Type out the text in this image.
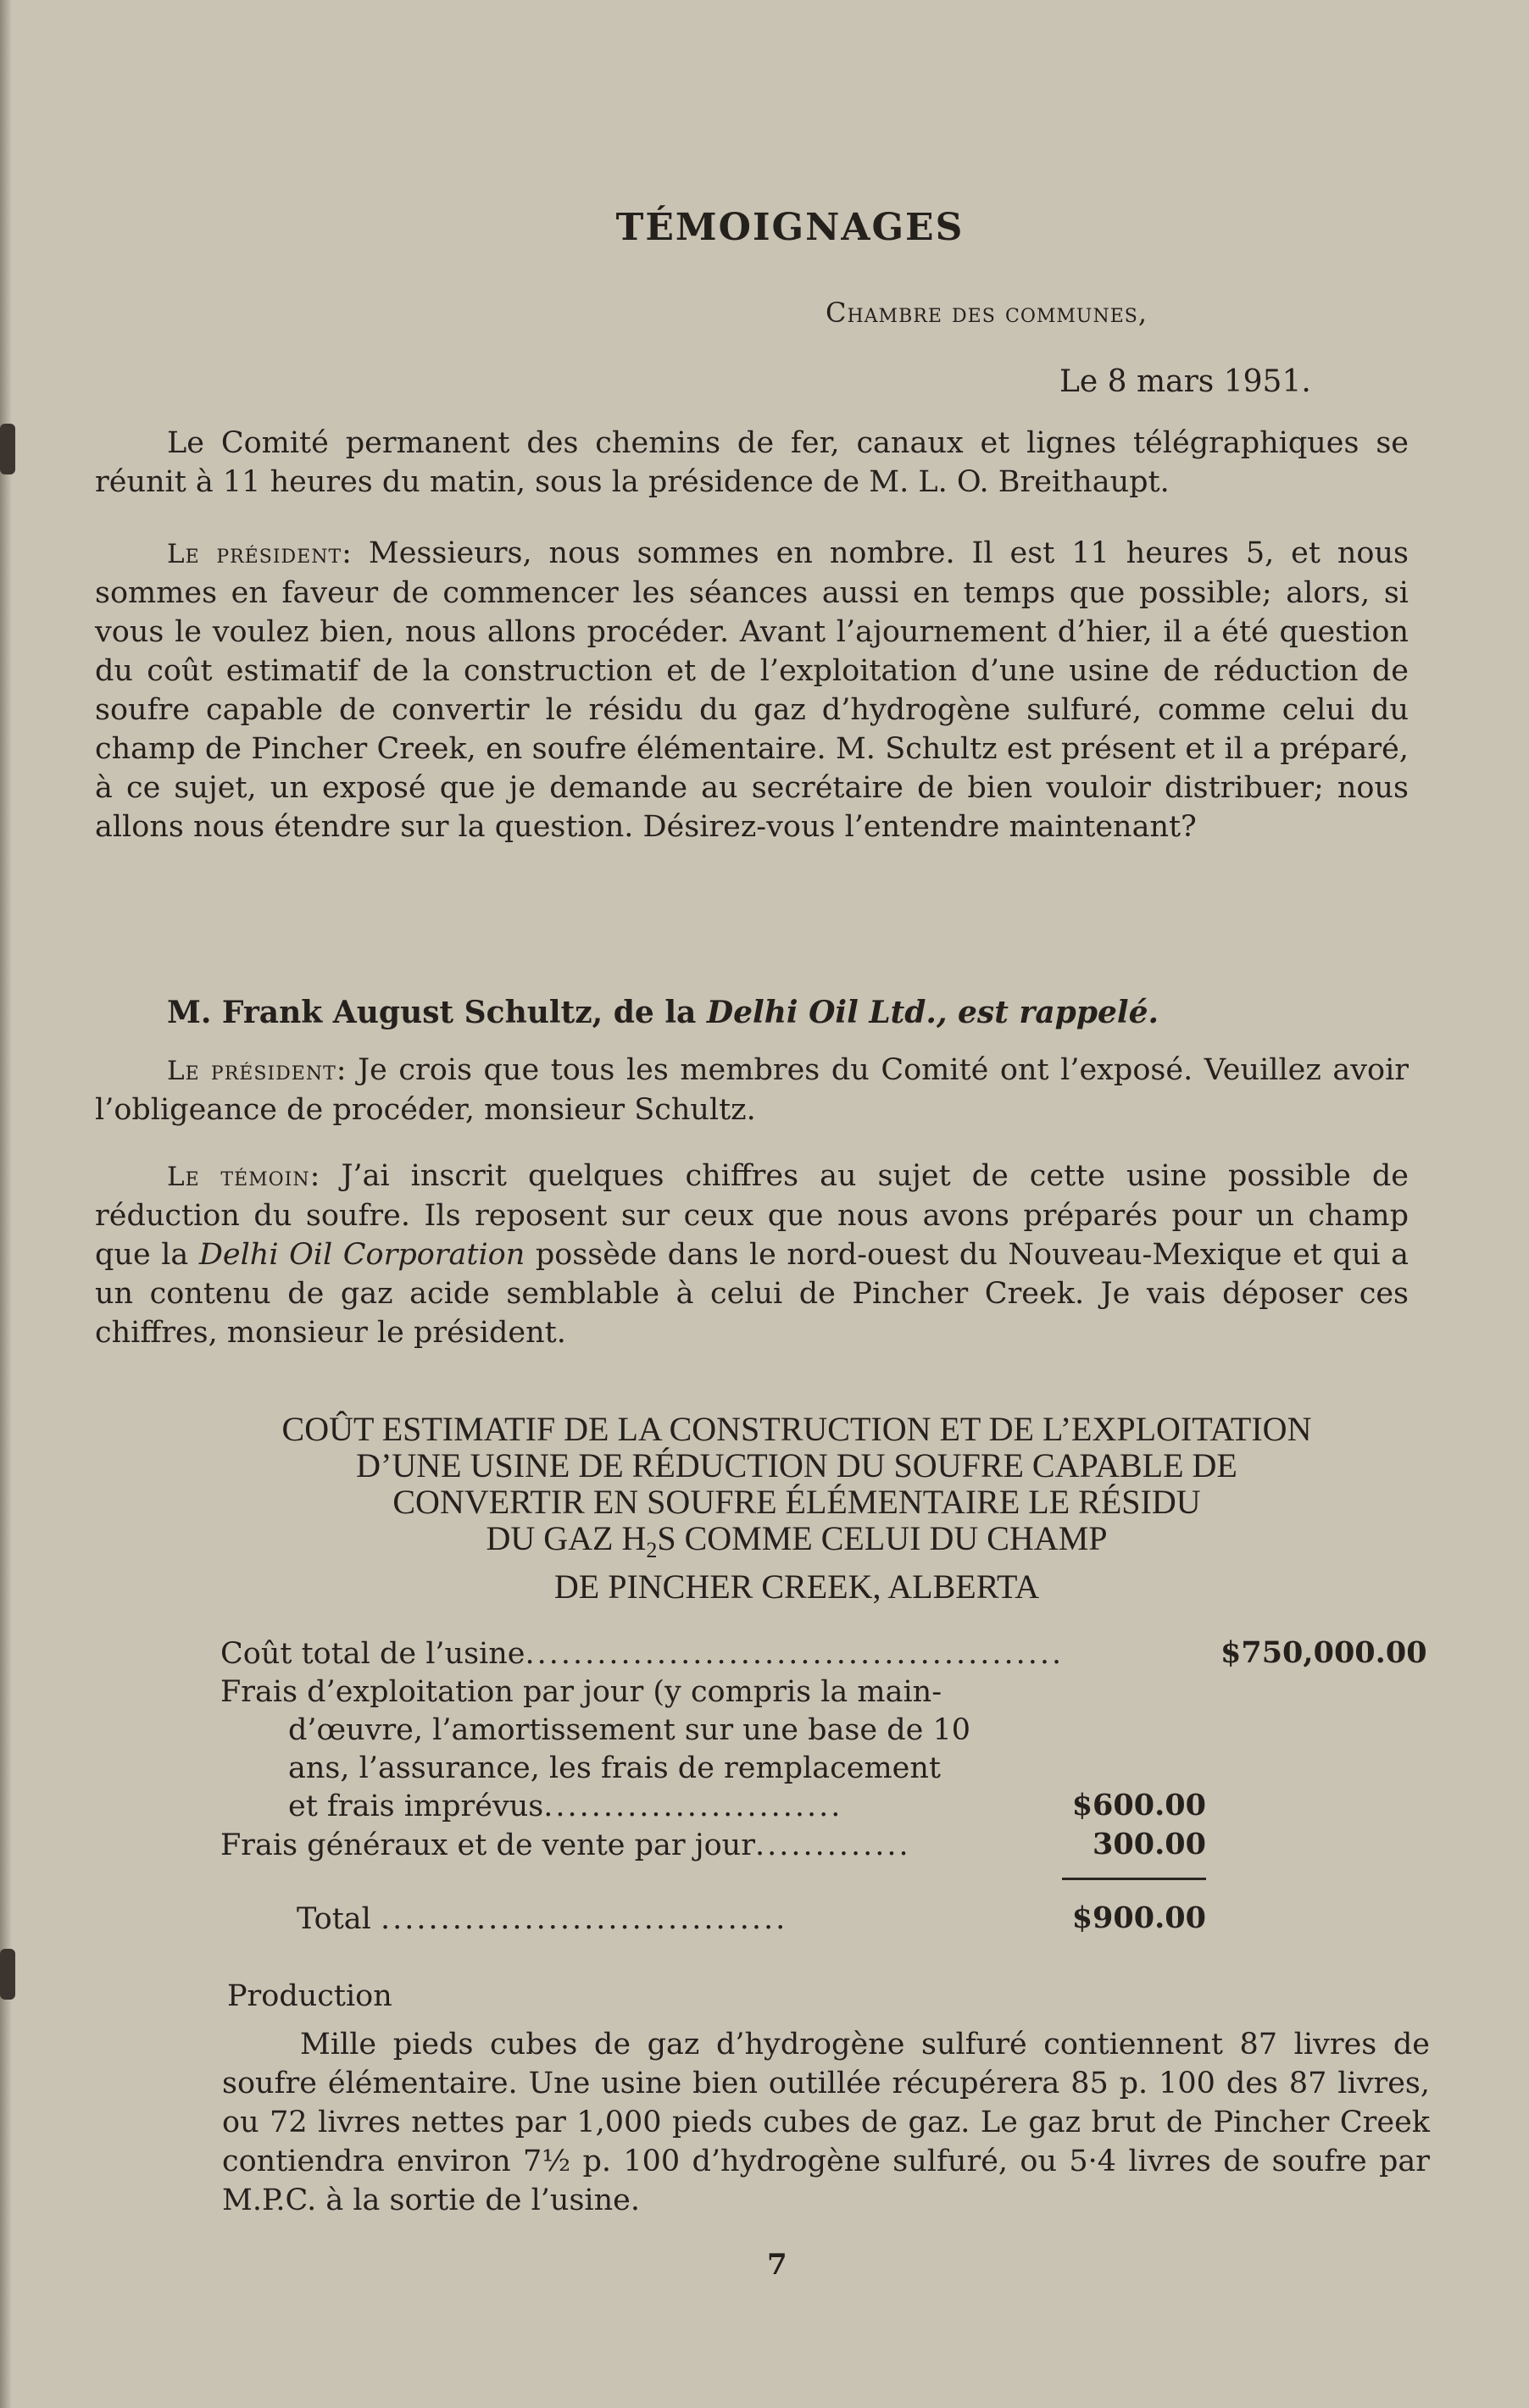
TÉMOIGNAGES
Chambre des communes,
Le 8 mars 1951.

Le Comité permanent des chemins de fer, canaux et lignes télégraphiques se réunit à 11 heures du matin, sous la présidence de M. L. O. Breithaupt.

Le président: Messieurs, nous sommes en nombre. Il est 11 heures 5, et nous sommes en faveur de commencer les séances aussi en temps que possible; alors, si vous le voulez bien, nous allons procéder. Avant l’ajournement d’hier, il a été question du coût estimatif de la construction et de l’exploitation d’une usine de réduction de soufre capable de convertir le résidu du gaz d’hydrogène sulfuré, comme celui du champ de Pincher Creek, en soufre élémentaire. M. Schultz est présent et il a préparé, à ce sujet, un exposé que je demande au secrétaire de bien vouloir distribuer; nous allons nous étendre sur la question. Désirez-vous l’entendre maintenant?

M. Frank August Schultz, de la Delhi Oil Ltd., est rappelé.

Le président: Je crois que tous les membres du Comité ont l’exposé. Veuillez avoir l’obligeance de procéder, monsieur Schultz.

Le témoin: J’ai inscrit quelques chiffres au sujet de cette usine possible de réduction du soufre. Ils reposent sur ceux que nous avons préparés pour un champ que la Delhi Oil Corporation possède dans le nord-ouest du Nouveau-Mexique et qui a un contenu de gaz acide semblable à celui de Pincher Creek. Je vais déposer ces chiffres, monsieur le président.

COÛT ESTIMATIF DE LA CONSTRUCTION ET DE L’EXPLOITATION
D’UNE USINE DE RÉDUCTION DU SOUFRE CAPABLE DE
CONVERTIR EN SOUFRE ÉLÉMENTAIRE LE RÉSIDU
DU GAZ $H_2S$ COMME CELUI DU CHAMP
DE PINCHER CREEK, ALBERTA
Coût total de l’usine.............................................	$750,000.00
Frais d’exploitation par jour (y compris la main-
d’œuvre, l’amortissement sur une base de 10
ans, l’assurance, les frais de remplacement
et frais imprévus.........................	$600.00
Frais généraux et de vente par jour.............	300.00
Total ..................................	$900.00
Production

Mille pieds cubes de gaz d’hydrogène sulfuré contiennent 87 livres de soufre élémentaire. Une usine bien outillée récupérera 85 p. 100 des 87 livres, ou 72 livres nettes par 1,000 pieds cubes de gaz. Le gaz brut de Pincher Creek contiendra environ 7½ p. 100 d’hydrogène sulfuré, ou 5·4 livres de soufre par M.P.C. à la sortie de l’usine.

7
